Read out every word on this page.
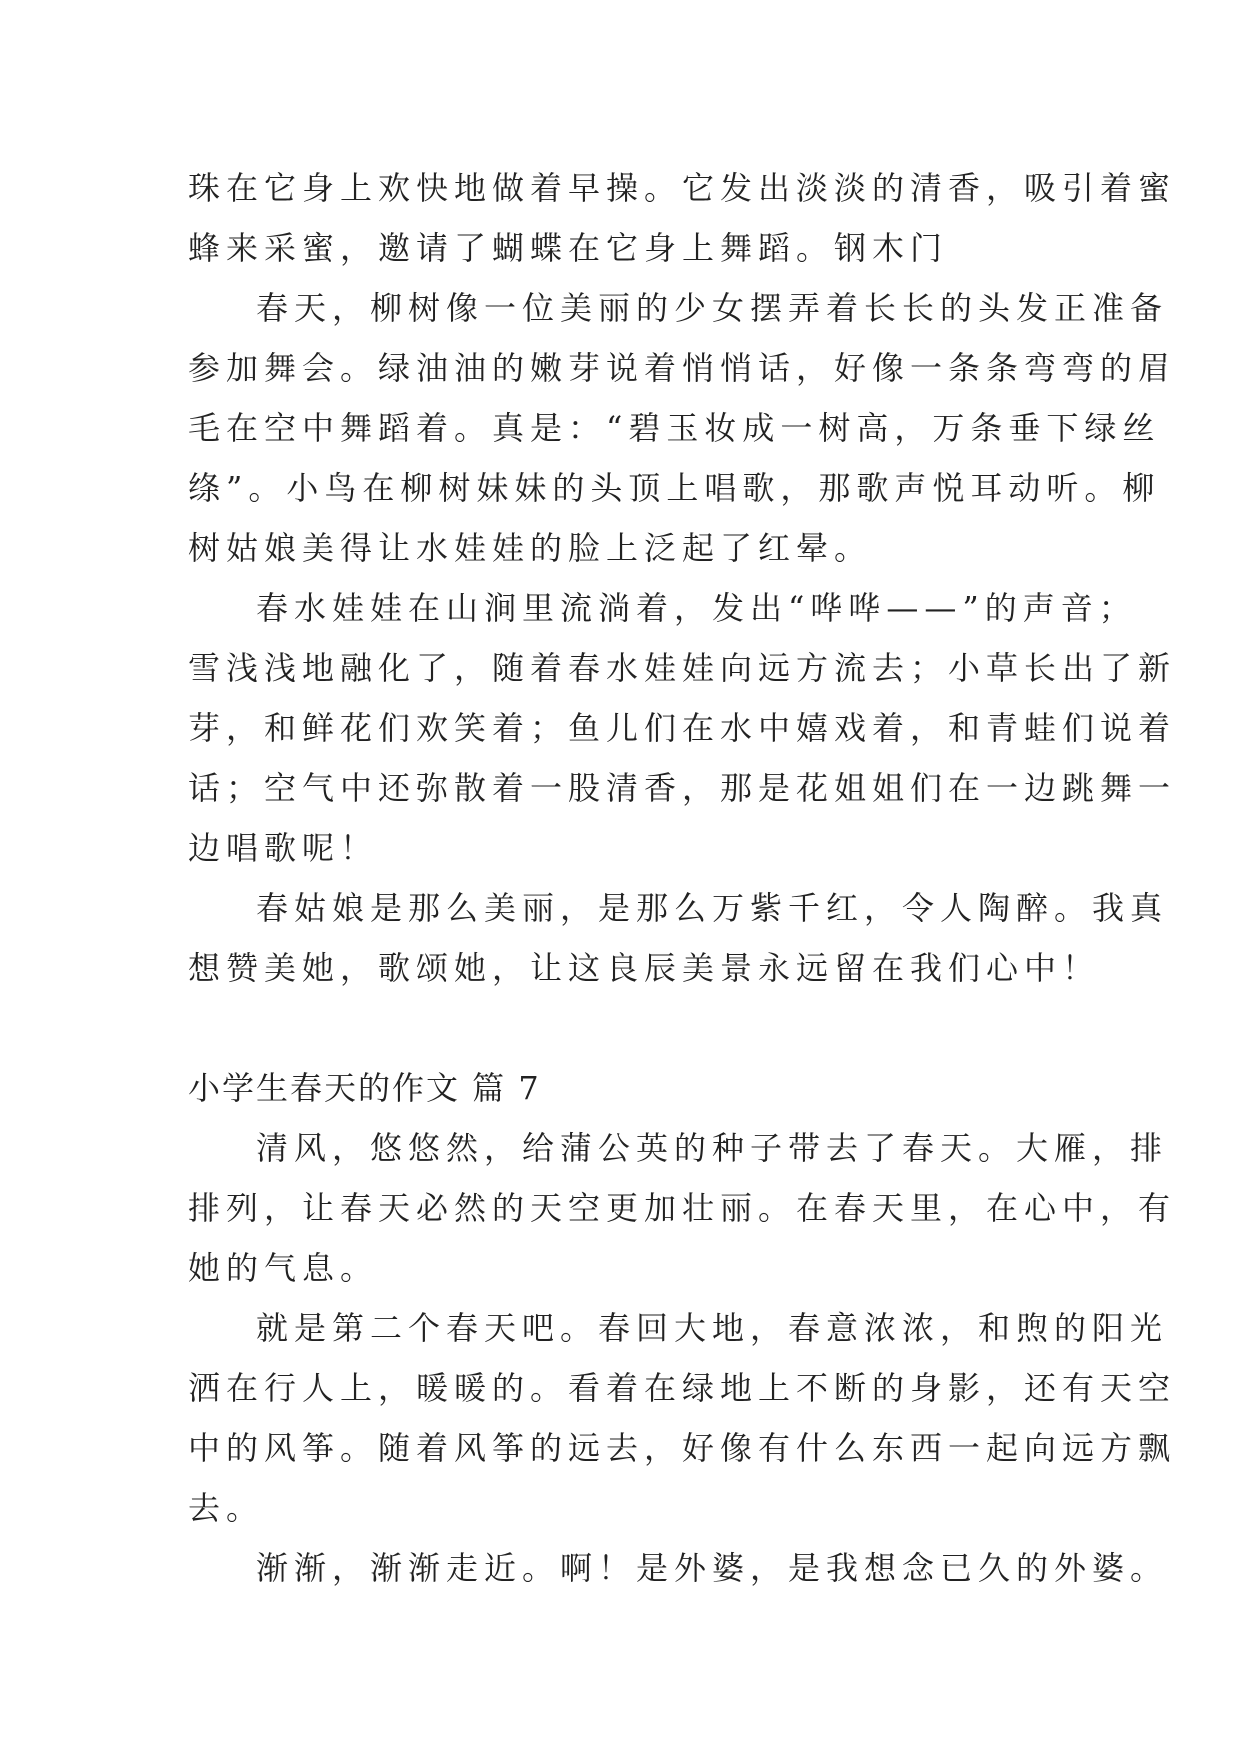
珠在它身上欢快地做着早操。它发出淡淡的清香，吸引着蜜
蜂来采蜜，邀请了蝴蝶在它身上舞蹈。钢木门
春天，柳树像一位美丽的少女摆弄着长长的头发正准备
参加舞会。绿油油的嫩芽说着悄悄话，好像一条条弯弯的眉
毛在空中舞蹈着。真是：“碧玉妆成一树高，万条垂下绿丝
绦”。小鸟在柳树妹妹的头顶上唱歌，那歌声悦耳动听。柳
树姑娘美得让水娃娃的脸上泛起了红晕。
春水娃娃在山涧里流淌着，发出“哗哗——”的声音；
雪浅浅地融化了，随着春水娃娃向远方流去；小草长出了新
芽，和鲜花们欢笑着；鱼儿们在水中嬉戏着，和青蛙们说着
话；空气中还弥散着一股清香，那是花姐姐们在一边跳舞一
边唱歌呢！
春姑娘是那么美丽，是那么万紫千红，令人陶醉。我真
想赞美她，歌颂她，让这良辰美景永远留在我们心中！
小学生春天的作文 篇 7
清风，悠悠然，给蒲公英的种子带去了春天。大雁，排
排列，让春天必然的天空更加壮丽。在春天里，在心中，有
她的气息。
就是第二个春天吧。春回大地，春意浓浓，和煦的阳光
洒在行人上，暖暖的。看着在绿地上不断的身影，还有天空
中的风筝。随着风筝的远去，好像有什么东西一起向远方飘
去。
渐渐，渐渐走近。啊！是外婆，是我想念已久的外婆。
